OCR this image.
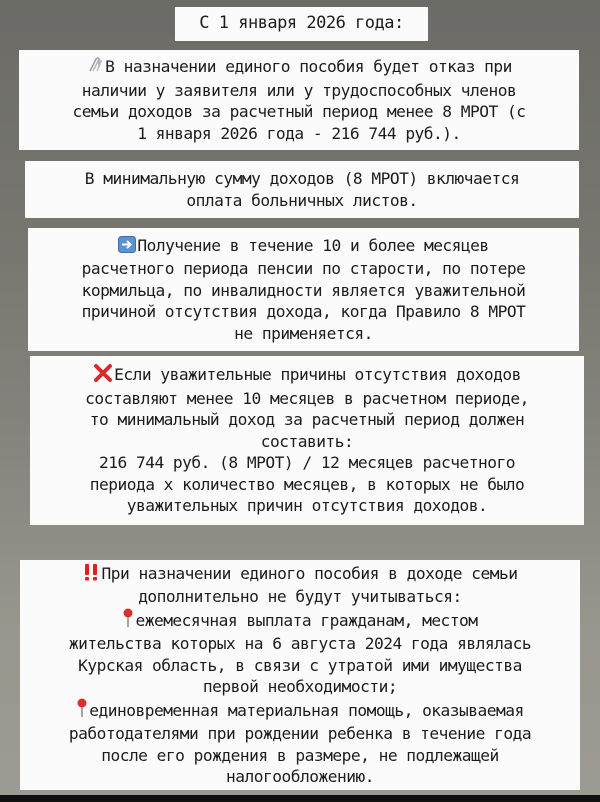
С 1 января 2026 года:

В назначении единого пособия будет отказ при

наличии у заявителя или у трудоспособных членов

семьи доходов за расчетный период менее 8 МРОТ (с

1 января 2026 года - 216 744 руб.).

В минимальную сумму доходов (8 МРОТ) включается

оплата больничных листов.

Получение в течение 10 и более месяцев

расчетного периода пенсии по старости, по потере

кормильца, по инвалидности является уважительной

причиной отсутствия дохода, когда Правило 8 МРОТ

не применяется.

Если уважительные причины отсутствия доходов

составляют менее 10 месяцев в расчетном периоде,

то минимальный доход за расчетный период должен

составить:

216 744 руб. (8 МРОТ) / 12 месяцев расчетного

периода х количество месяцев, в которых не было

уважительных причин отсутствия доходов.

При назначении единого пособия в доходе семьи

дополнительно не будут учитываться:

ежемесячная выплата гражданам, местом

жительства которых на 6 августа 2024 года являлась

Курская область, в связи с утратой ими имущества

первой необходимости;

единовременная материальная помощь, оказываемая

работодателями при рождении ребенка в течение года

после его рождения в размере, не подлежащей

налогообложению.
